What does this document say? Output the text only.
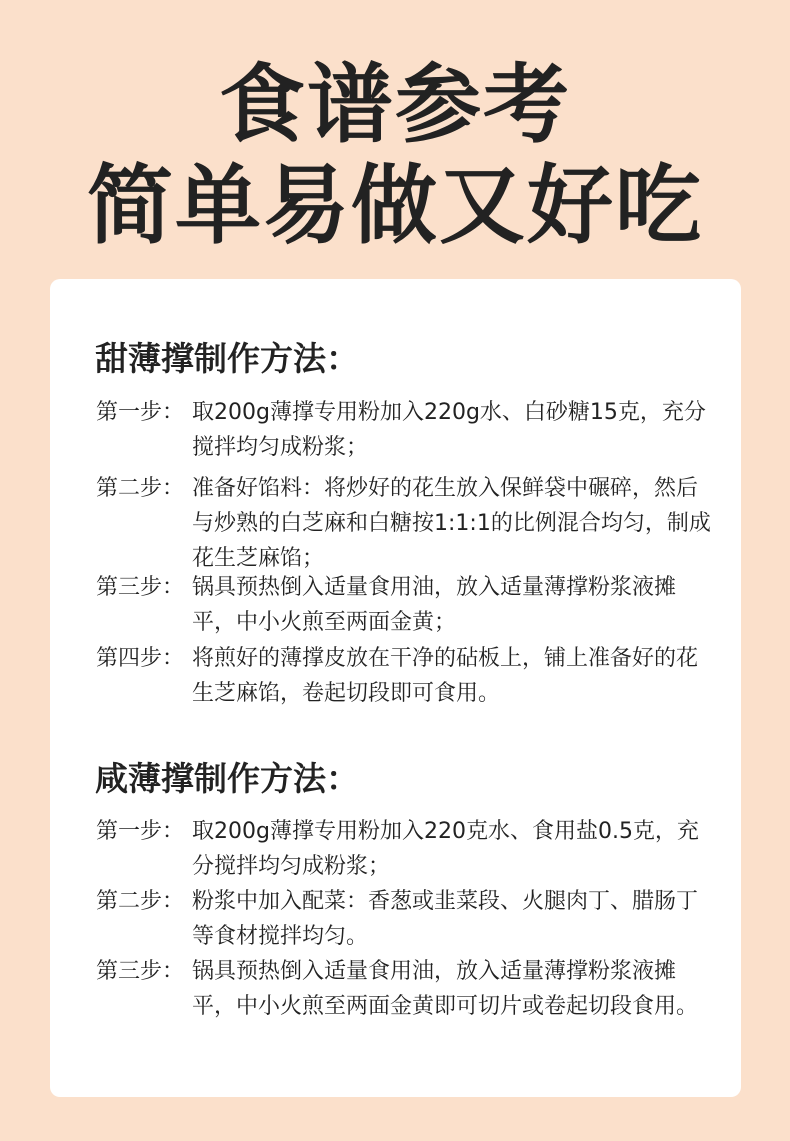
食谱参考
简单易做又好吃
甜薄撑制作方法：
第一步： 取200g薄撑专用粉加入220g水、白砂糖15克，充分搅拌均匀成粉浆；
第二步： 准备好馅料：将炒好的花生放入保鲜袋中碾碎，然后与炒熟的白芝麻和白糖按1:1:1的比例混合均匀，制成花生芝麻馅；
第三步： 锅具预热倒入适量食用油，放入适量薄撑粉浆液摊平，中小火煎至两面金黄；
第四步： 将煎好的薄撑皮放在干净的砧板上，铺上准备好的花生芝麻馅，卷起切段即可食用。
咸薄撑制作方法：
第一步： 取200g薄撑专用粉加入220克水、食用盐0.5克，充分搅拌均匀成粉浆；
第二步： 粉浆中加入配菜：香葱或韭菜段、火腿肉丁、腊肠丁等食材搅拌均匀。
第三步： 锅具预热倒入适量食用油，放入适量薄撑粉浆液摊平，中小火煎至两面金黄即可切片或卷起切段食用。
